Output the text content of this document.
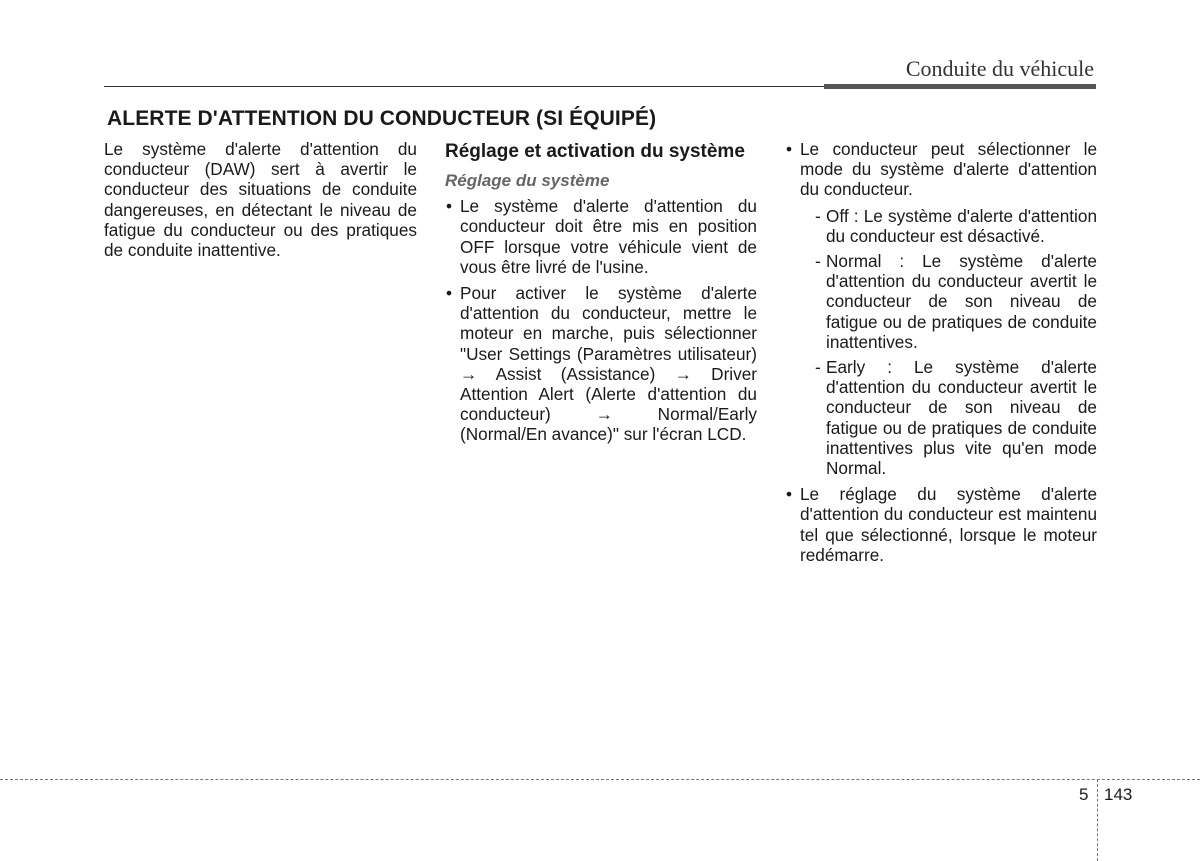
Conduite du véhicule
ALERTE D'ATTENTION DU CONDUCTEUR (SI ÉQUIPÉ)

Le système d'alerte d'attention du conducteur (DAW) sert à avertir le conducteur des situations de conduite dangereuses, en détectant le niveau de fatigue du conducteur ou des pratiques de conduite inattentive.

Réglage et activation du système
Réglage du système
• Le système d'alerte d'attention du conducteur doit être mis en position OFF lorsque votre véhicule vient de vous être livré de l'usine.
• Pour activer le système d'alerte d'attention du conducteur, mettre le moteur en marche, puis sélectionner "User Settings (Paramètres utilisateur) → Assist (Assistance) → Driver Attention Alert (Alerte d'attention du conducteur) → Normal/Early (Normal/En avance)" sur l'écran LCD.
• Le conducteur peut sélectionner le mode du système d'alerte d'attention du conducteur.
- Off : Le système d'alerte d'attention du conducteur est désactivé.
- Normal : Le système d'alerte d'attention du conducteur avertit le conducteur de son niveau de fatigue ou de pratiques de conduite inattentives.
- Early : Le système d'alerte d'attention du conducteur avertit le conducteur de son niveau de fatigue ou de pratiques de conduite inattentives plus vite qu'en mode Normal.
• Le réglage du système d'alerte d'attention du conducteur est maintenu tel que sélectionné, lorsque le moteur redémarre.
5 143
